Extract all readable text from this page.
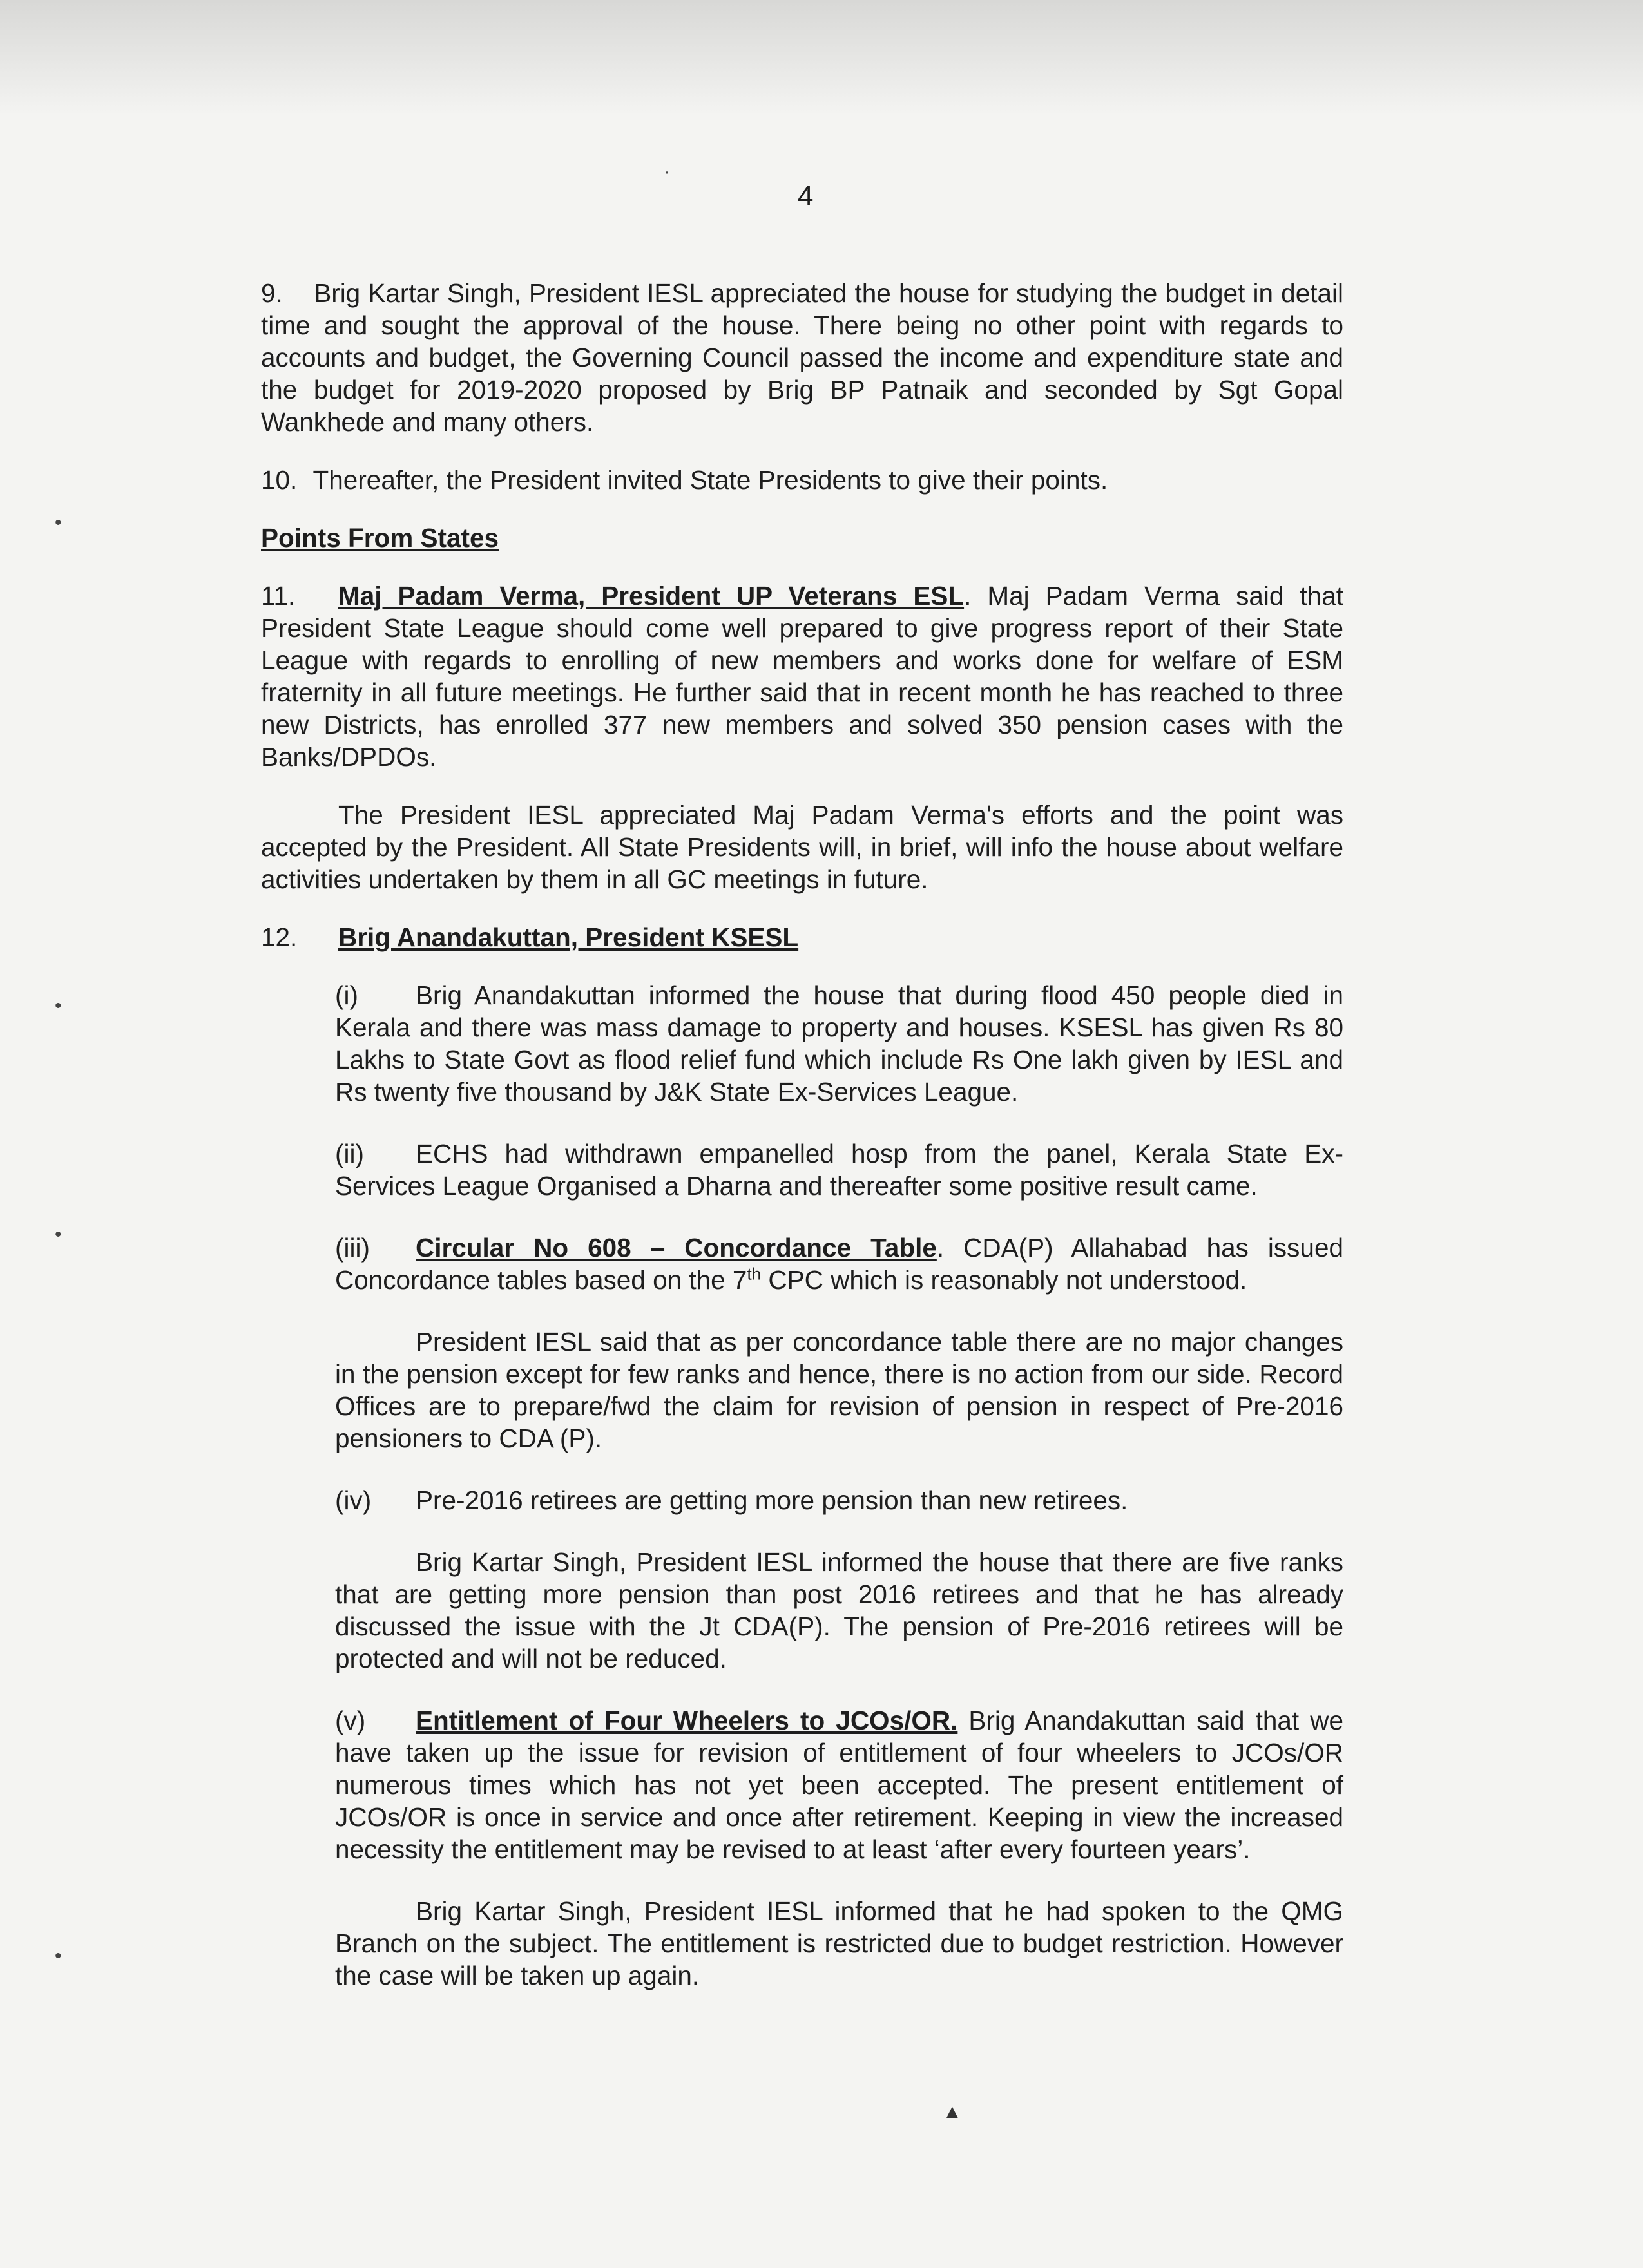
·
•
•
•
•
4

9. Brig Kartar Singh, President IESL appreciated the house for studying the budget in detail time and sought the approval of the house. There being no other point with regards to accounts and budget, the Governing Council passed the income and expenditure state and the budget for 2019-2020 proposed by Brig BP Patnaik and seconded by Sgt Gopal Wankhede and many others.

10. Thereafter, the President invited State Presidents to give their points.

Points From States

11. Maj Padam Verma, President UP Veterans ESL. Maj Padam Verma said that President State League should come well prepared to give progress report of their State League with regards to enrolling of new members and works done for welfare of ESM fraternity in all future meetings. He further said that in recent month he has reached to three new Districts, has enrolled 377 new members and solved 350 pension cases with the Banks/DPDOs.

The President IESL appreciated Maj Padam Verma's efforts and the point was accepted by the President. All State Presidents will, in brief, will info the house about welfare activities undertaken by them in all GC meetings in future.

12. Brig Anandakuttan, President KSESL

(i) Brig Anandakuttan informed the house that during flood 450 people died in Kerala and there was mass damage to property and houses. KSESL has given Rs 80 Lakhs to State Govt as flood relief fund which include Rs One lakh given by IESL and Rs twenty five thousand by J&K State Ex-Services League.

(ii) ECHS had withdrawn empanelled hosp from the panel, Kerala State Ex-Services League Organised a Dharna and thereafter some positive result came.

(iii) Circular No 608 – Concordance Table. CDA(P) Allahabad has issued Concordance tables based on the 7th CPC which is reasonably not understood.

President IESL said that as per concordance table there are no major changes in the pension except for few ranks and hence, there is no action from our side. Record Offices are to prepare/fwd the claim for revision of pension in respect of Pre-2016 pensioners to CDA (P).

(iv) Pre-2016 retirees are getting more pension than new retirees.

Brig Kartar Singh, President IESL informed the house that there are five ranks that are getting more pension than post 2016 retirees and that he has already discussed the issue with the Jt CDA(P). The pension of Pre-2016 retirees will be protected and will not be reduced.

(v) Entitlement of Four Wheelers to JCOs/OR. Brig Anandakuttan said that we have taken up the issue for revision of entitlement of four wheelers to JCOs/OR numerous times which has not yet been accepted. The present entitlement of JCOs/OR is once in service and once after retirement. Keeping in view the increased necessity the entitlement may be revised to at least ‘after every fourteen years’.

Brig Kartar Singh, President IESL informed that he had spoken to the QMG Branch on the subject. The entitlement is restricted due to budget restriction. However the case will be taken up again.

▲
